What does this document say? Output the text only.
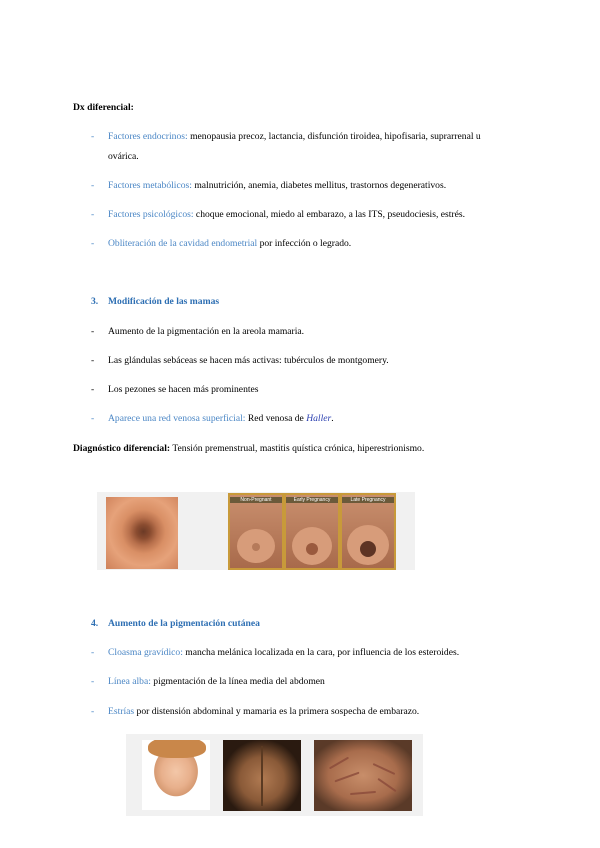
Dx diferencial:
- Factores endocrinos: menopausia precoz, lactancia, disfunción tiroidea, hipofisaria, suprarrenal u
ovárica.
- Factores metabólicos: malnutrición, anemia, diabetes mellitus, trastornos degenerativos.
- Factores psicológicos: choque emocional, miedo al embarazo, a las ITS, pseudociesis, estrés.
- Obliteración de la cavidad endometrial por infección o legrado.
3. Modificación de las mamas
- Aumento de la pigmentación en la areola mamaria.
- Las glándulas sebáceas se hacen más activas: tubérculos de montgomery.
- Los pezones se hacen más prominentes
- Aparece una red venosa superficial: Red venosa de Haller.
Diagnóstico diferencial: Tensión premenstrual, mastitis quística crónica, hiperestrionismo.
Non-Pregnant	Early Pregnancy	Late Pregnancy
4. Aumento de la pigmentación cutánea
- Cloasma gravídico: mancha melánica localizada en la cara, por influencia de los esteroides.
- Línea alba: pigmentación de la línea media del abdomen
- Estrías por distensión abdominal y mamaria es la primera sospecha de embarazo.
